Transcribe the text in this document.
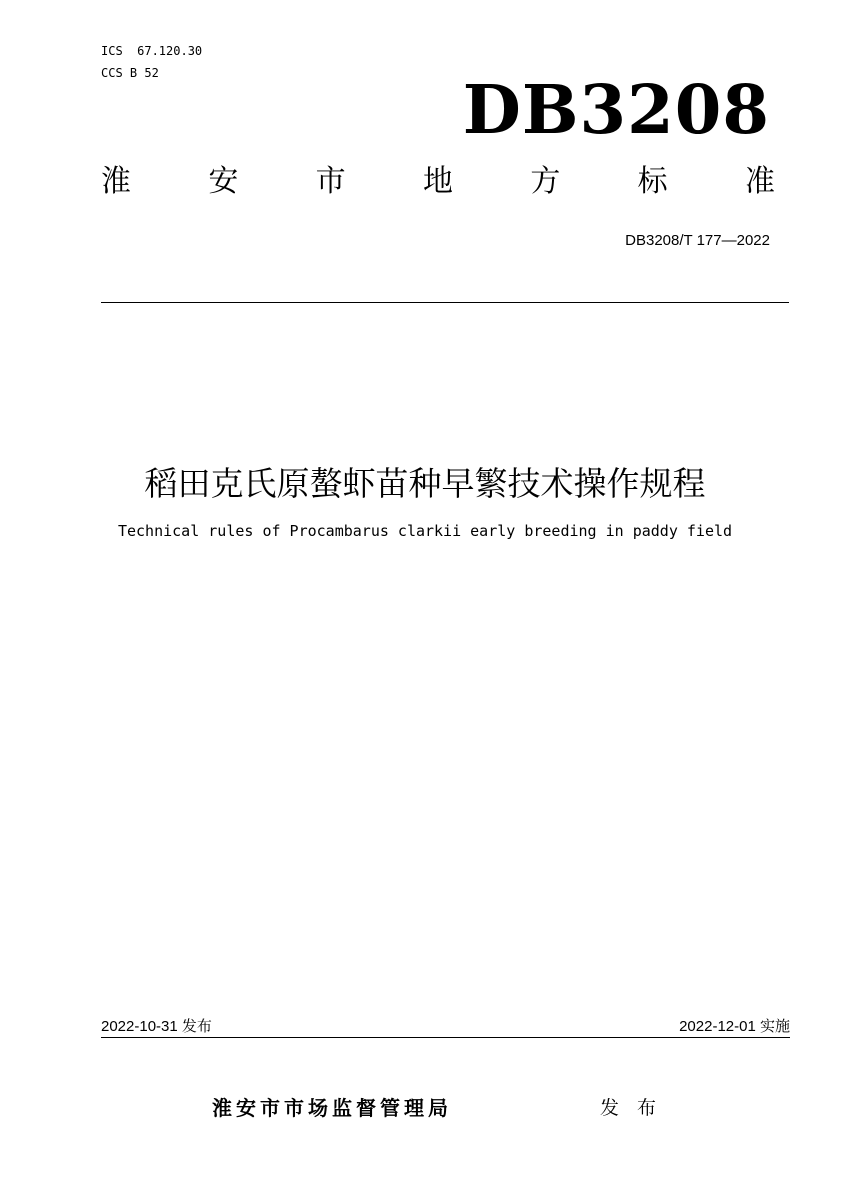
ICS  67.120.30
CCS B 52	DB3208
淮	安	市	地	方	标	准
DB3208/T 177—2022
稻田克氏原螯虾苗种早繁技术操作规程
Technical rules of Procambarus clarkii early breeding in paddy field
2022-10-31 发布	2022-12-01 实施
淮安市市场监督管理局	发 布
